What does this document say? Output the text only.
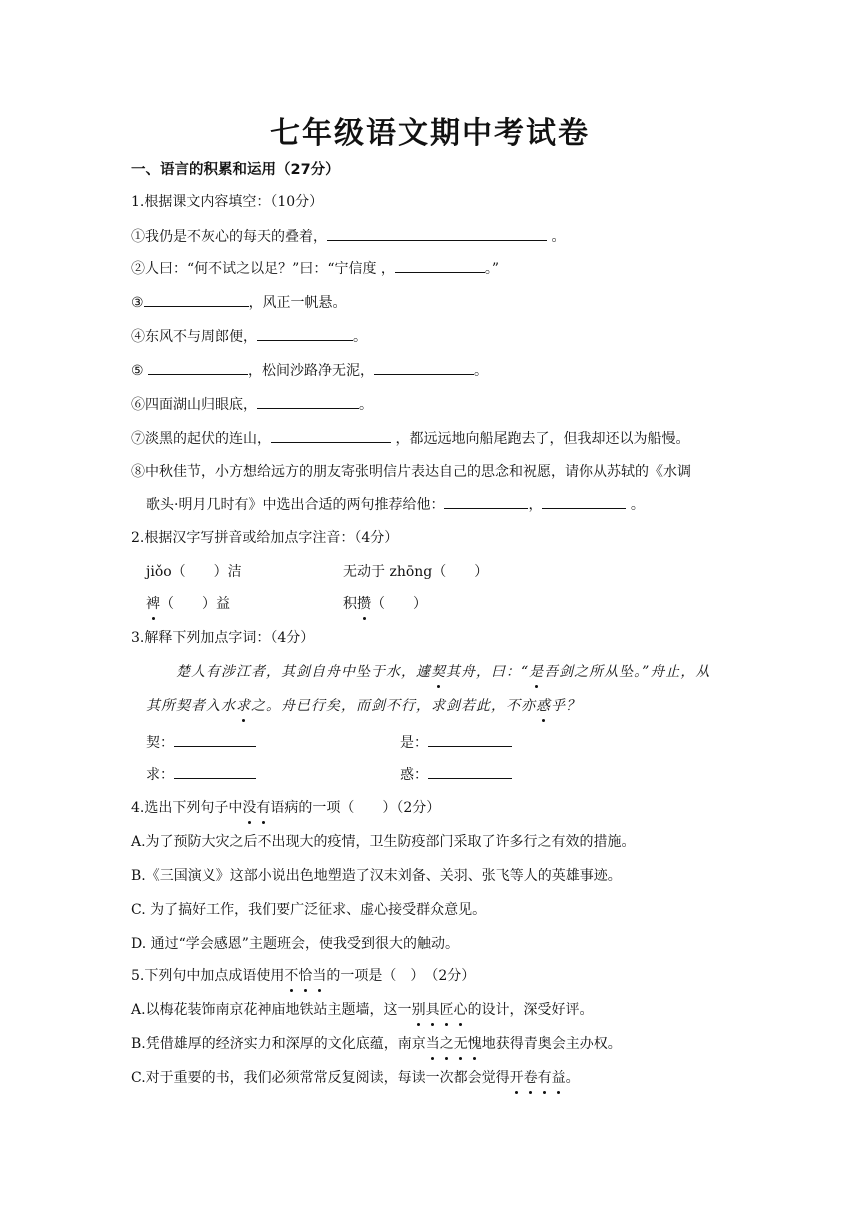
七年级语文期中考试卷
一、语言的积累和运用（27分）
1.根据课文内容填空：（10分）
①我仍是不灰心的每天的叠着，	。
②人曰：“何不试之以足？”曰：“宁信度 ，	。”
③	，风正一帆悬。
④东风不与周郎便，	。
⑤	，松间沙路净无泥，	。
⑥四面湖山归眼底，	。
⑦淡黑的起伏的连山，	，都远远地向船尾跑去了，但我却还以为船慢。
⑧中秋佳节，小方想给远方的朋友寄张明信片表达自己的思念和祝愿，请你从苏轼的《水调
歌头·明月几时有》中选出合适的两句推荐给他：	，	。
2.根据汉字写拼音或给加点字注音：（4分）
jiǒo（　　）洁	无动于 zhōng（　　）
裨（　　）益	积攒（　　）
3.解释下列加点字词：（4分）
楚人有涉江者，其剑自舟中坠于水，遽契其舟，曰：“是吾剑之所从坠。”舟止，从
其所契者入水求之。舟已行矣，而剑不行，求剑若此，不亦惑乎？
契：	是：
求：	惑：
4.选出下列句子中没有语病的一项（　　）（2分）
A.为了预防大灾之后不出现大的疫情，卫生防疫部门采取了许多行之有效的措施。
B.《三国演义》这部小说出色地塑造了汉末刘备、关羽、张飞等人的英雄事迹。
C. 为了搞好工作，我们要广泛征求、虚心接受群众意见。
D. 通过“学会感恩”主题班会，使我受到很大的触动。
5.下列句中加点成语使用不恰当的一项是（　）　（2分）
A.以梅花装饰南京花神庙地铁站主题墙，这一别具匠心的设计，深受好评。
B.凭借雄厚的经济实力和深厚的文化底蕴，南京当之无愧地获得青奥会主办权。
C.对于重要的书，我们必须常常反复阅读，每读一次都会觉得开卷有益。
